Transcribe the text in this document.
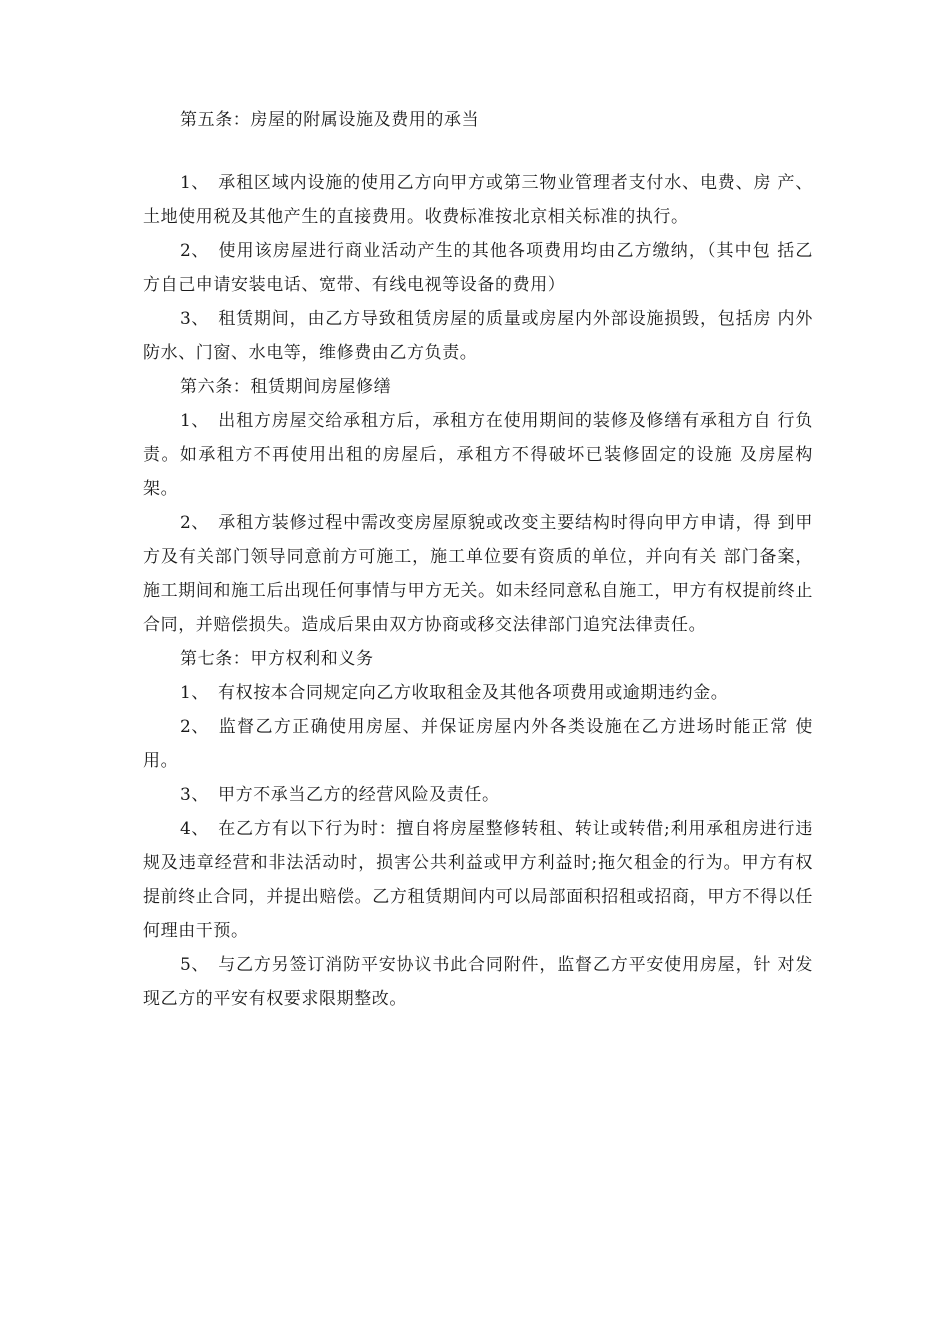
第五条：房屋的附属设施及费用的承当

1、 承租区域内设施的使用乙方向甲方或第三物业管理者支付水、电费、房 产、土地使用税及其他产生的直接费用。收费标准按北京相关标准的执行。

2、 使用该房屋进行商业活动产生的其他各项费用均由乙方缴纳，（其中包 括乙方自己申请安装电话、宽带、有线电视等设备的费用）

3、 租赁期间，由乙方导致租赁房屋的质量或房屋内外部设施损毁，包括房 内外防水、门窗、水电等，维修费由乙方负责。

第六条：租赁期间房屋修缮

1、 出租方房屋交给承租方后，承租方在使用期间的装修及修缮有承租方自 行负责。如承租方不再使用出租的房屋后，承租方不得破坏已装修固定的设施 及房屋构架。

2、 承租方装修过程中需改变房屋原貌或改变主要结构时得向甲方申请，得 到甲方及有关部门领导同意前方可施工，施工单位要有资质的单位，并向有关 部门备案，施工期间和施工后出现任何事情与甲方无关。如未经同意私自施工，甲方有权提前终止合同，并赔偿损失。造成后果由双方协商或移交法律部门追究法律责任。

第七条：甲方权利和义务

1、 有权按本合同规定向乙方收取租金及其他各项费用或逾期违约金。

2、 监督乙方正确使用房屋、并保证房屋内外各类设施在乙方进场时能正常 使用。

3、 甲方不承当乙方的经营风险及责任。

4、 在乙方有以下行为时：擅自将房屋整修转租、转让或转借;利用承租房进行违规及违章经营和非法活动时，损害公共利益或甲方利益时;拖欠租金的行为。甲方有权提前终止合同，并提出赔偿。乙方租赁期间内可以局部面积招租或招商，甲方不得以任何理由干预。

5、 与乙方另签订消防平安协议书此合同附件，监督乙方平安使用房屋，针 对发现乙方的平安有权要求限期整改。
